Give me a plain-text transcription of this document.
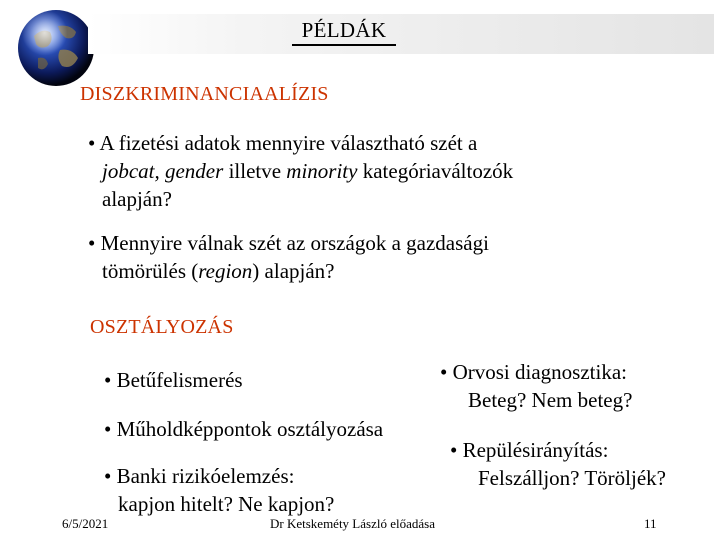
PÉLDÁK
DISZKRIMINANCIAALÍZIS
• A fizetési adatok mennyire választható szét a
jobcat, gender illetve minority kategóriaváltozók
alapján?
• Mennyire válnak szét az országok a gazdasági
tömörülés (region) alapján?
OSZTÁLYOZÁS
• Betűfelismerés
• Műholdképpontok osztályozása
• Banki rizikóelemzés:
kapjon hitelt? Ne kapjon?
• Orvosi diagnosztika:
Beteg? Nem beteg?
• Repülésirányítás:
Felszálljon? Töröljék?
6/5/2021	Dr Ketskeméty László előadása	11
